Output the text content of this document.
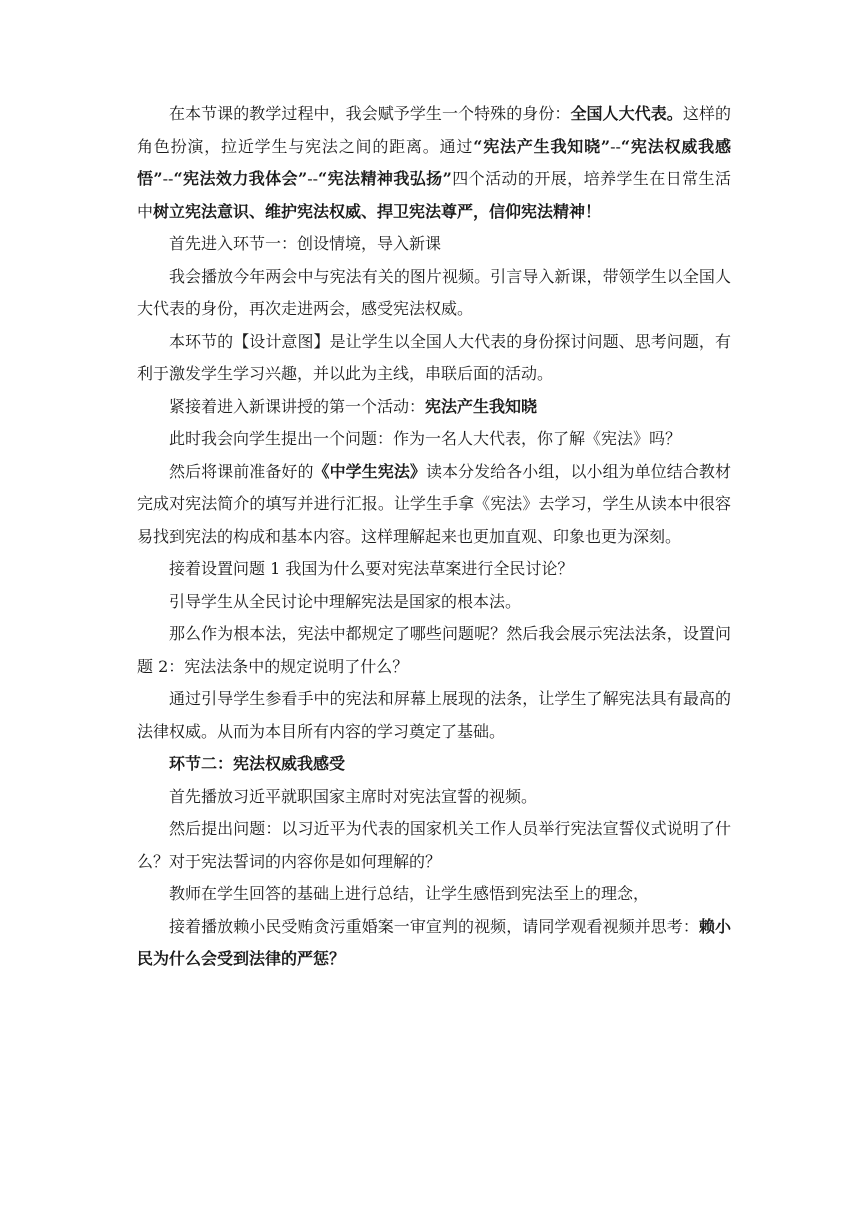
在本节课的教学过程中，我会赋予学生一个特殊的身份：全国人大代表。这样的角色扮演，拉近学生与宪法之间的距离。通过“宪法产生我知晓”--“宪法权威我感悟”--“宪法效力我体会”--“宪法精神我弘扬”四个活动的开展，培养学生在日常生活中树立宪法意识、维护宪法权威、捍卫宪法尊严，信仰宪法精神！

首先进入环节一：创设情境，导入新课

我会播放今年两会中与宪法有关的图片视频。引言导入新课，带领学生以全国人大代表的身份，再次走进两会，感受宪法权威。

本环节的【设计意图】是让学生以全国人大代表的身份探讨问题、思考问题，有利于激发学生学习兴趣，并以此为主线，串联后面的活动。

紧接着进入新课讲授的第一个活动：宪法产生我知晓

此时我会向学生提出一个问题：作为一名人大代表，你了解《宪法》吗？

然后将课前准备好的《中学生宪法》读本分发给各小组，以小组为单位结合教材完成对宪法简介的填写并进行汇报。让学生手拿《宪法》去学习，学生从读本中很容易找到宪法的构成和基本内容。这样理解起来也更加直观、印象也更为深刻。

接着设置问题 1 我国为什么要对宪法草案进行全民讨论？

引导学生从全民讨论中理解宪法是国家的根本法。

那么作为根本法，宪法中都规定了哪些问题呢？然后我会展示宪法法条，设置问题 2：宪法法条中的规定说明了什么？

通过引导学生参看手中的宪法和屏幕上展现的法条，让学生了解宪法具有最高的法律权威。从而为本目所有内容的学习奠定了基础。

环节二：宪法权威我感受

首先播放习近平就职国家主席时对宪法宣誓的视频。

然后提出问题：以习近平为代表的国家机关工作人员举行宪法宣誓仪式说明了什么？对于宪法誓词的内容你是如何理解的？

教师在学生回答的基础上进行总结，让学生感悟到宪法至上的理念，

接着播放赖小民受贿贪污重婚案一审宣判的视频，请同学观看视频并思考：赖小民为什么会受到法律的严惩？
